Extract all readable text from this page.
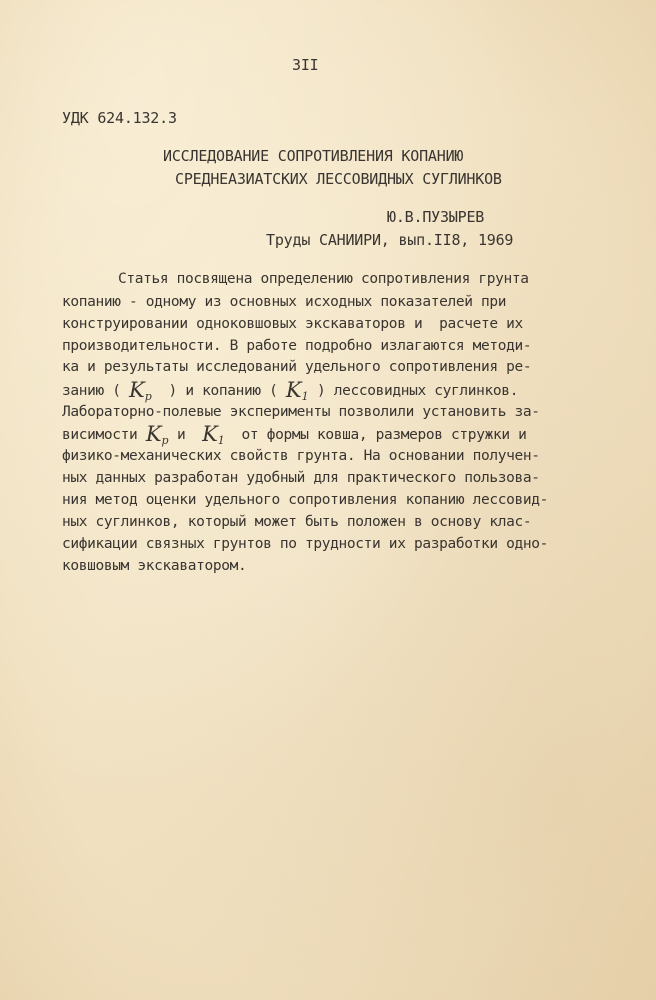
3II
УДК 624.132.3
ИССЛЕДОВАНИЕ СОПРОТИВЛЕНИЯ КОПАНИЮ
СРЕДНЕАЗИАТСКИХ ЛЕССОВИДНЫХ СУГЛИНКОВ
Ю.В.ПУЗЫРЕВ
Труды САНИИРИ, вып.II8, 1969
Статья посвящена определению сопротивления грунта
копанию - одному из основных исходных показателей при
конструировании одноковшовых экскаваторов и  расчете их
производительности. В работе подробно излагаются методи-
ка и результаты исследований удельного сопротивления ре-
занию ( $K_p$  ) и копанию ( $K_1$ ) лессовидных суглинков.
Лабораторно-полевые эксперименты позволили установить за-
висимости $K_p$ и  $K_1$  от формы ковша, размеров стружки и
физико-механических свойств грунта. На основании получен-
ных данных разработан удобный для практического пользова-
ния метод оценки удельного сопротивления копанию лессовид-
ных суглинков, который может быть положен в основу клас-
сификации связных грунтов по трудности их разработки одно-
ковшовым экскаватором.
